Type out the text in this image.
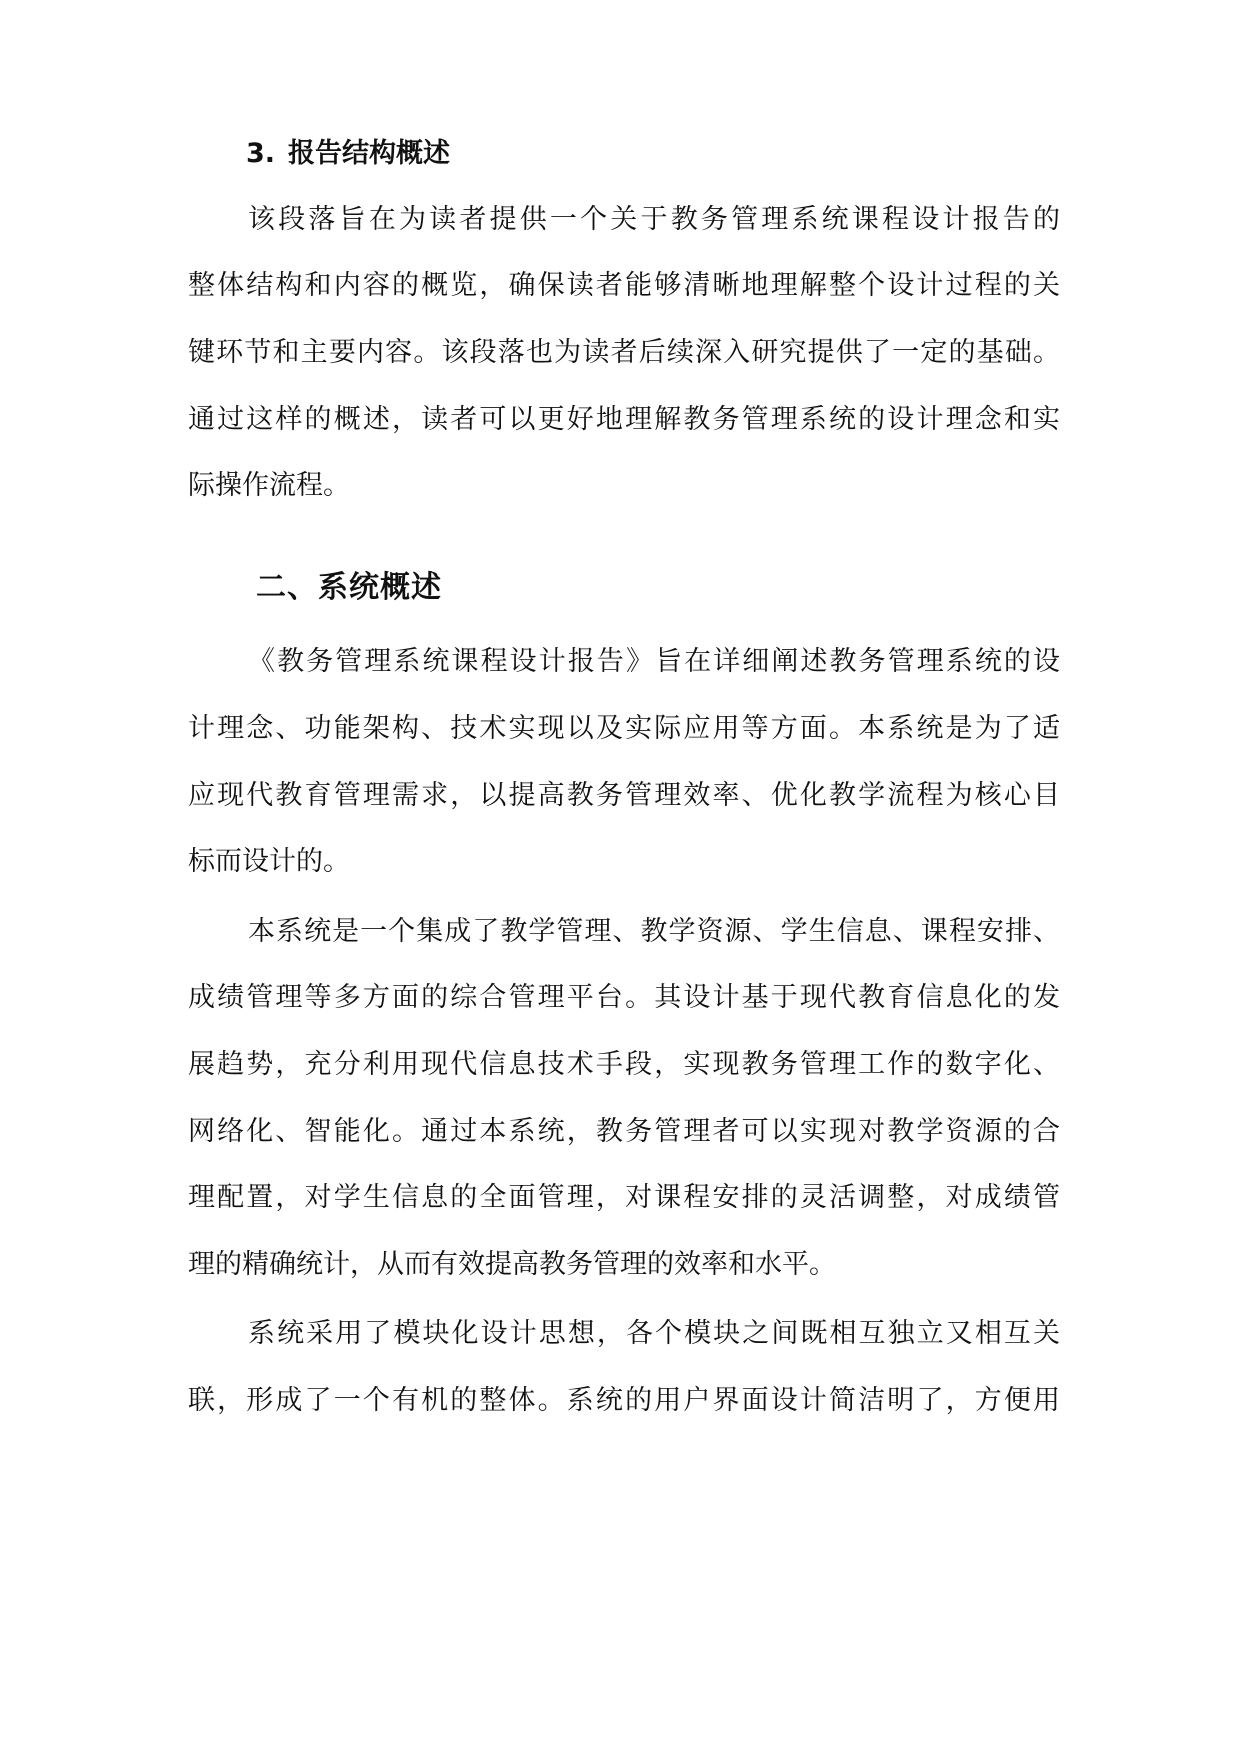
3. 报告结构概述
该段落旨在为读者提供一个关于教务管理系统课程设计报告的
整体结构和内容的概览，确保读者能够清晰地理解整个设计过程的关
键环节和主要内容。该段落也为读者后续深入研究提供了一定的基础。
通过这样的概述，读者可以更好地理解教务管理系统的设计理念和实
际操作流程。
二、系统概述
《教务管理系统课程设计报告》旨在详细阐述教务管理系统的设
计理念、功能架构、技术实现以及实际应用等方面。本系统是为了适
应现代教育管理需求，以提高教务管理效率、优化教学流程为核心目
标而设计的。
本系统是一个集成了教学管理、教学资源、学生信息、课程安排、
成绩管理等多方面的综合管理平台。其设计基于现代教育信息化的发
展趋势，充分利用现代信息技术手段，实现教务管理工作的数字化、
网络化、智能化。通过本系统，教务管理者可以实现对教学资源的合
理配置，对学生信息的全面管理，对课程安排的灵活调整，对成绩管
理的精确统计，从而有效提高教务管理的效率和水平。
系统采用了模块化设计思想，各个模块之间既相互独立又相互关
联，形成了一个有机的整体。系统的用户界面设计简洁明了，方便用
